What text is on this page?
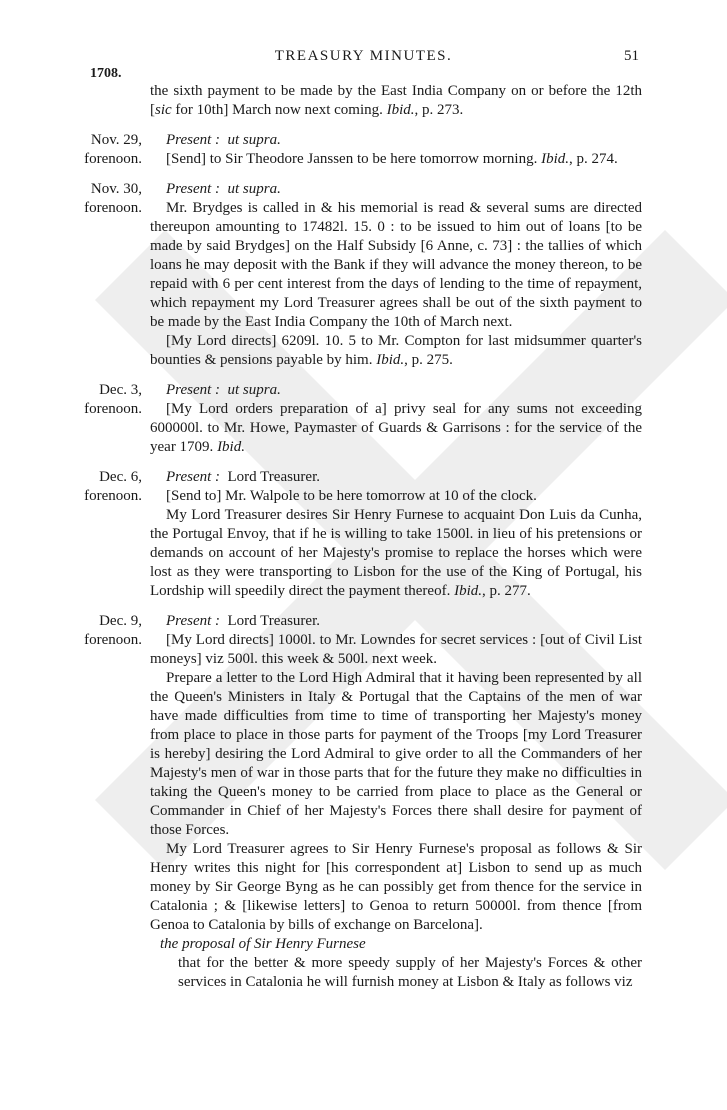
TREASURY MINUTES.	51
1708.

the sixth payment to be made by the East India Company on or before the 12th [sic for 10th] March now next coming. Ibid., p. 273.

Nov. 29,
forenoon.

Present : ut supra.

[Send] to Sir Theodore Janssen to be here tomorrow morning. Ibid., p. 274.

Nov. 30,
forenoon.

Present : ut supra.

Mr. Brydges is called in & his memorial is read & several sums are directed thereupon amounting to 17482l. 15. 0 : to be issued to him out of loans [to be made by said Brydges] on the Half Subsidy [6 Anne, c. 73] : the tallies of which loans he may deposit with the Bank if they will advance the money thereon, to be repaid with 6 per cent interest from the days of lending to the time of repayment, which repayment my Lord Treasurer agrees shall be out of the sixth payment to be made by the East India Company the 10th of March next.

[My Lord directs] 6209l. 10. 5 to Mr. Compton for last midsummer quarter's bounties & pensions payable by him. Ibid., p. 275.

Dec. 3,
forenoon.

Present : ut supra.

[My Lord orders preparation of a] privy seal for any sums not exceeding 600000l. to Mr. Howe, Paymaster of Guards & Garrisons : for the service of the year 1709. Ibid.

Dec. 6,
forenoon.

Present : Lord Treasurer.

[Send to] Mr. Walpole to be here tomorrow at 10 of the clock.

My Lord Treasurer desires Sir Henry Furnese to acquaint Don Luis da Cunha, the Portugal Envoy, that if he is willing to take 1500l. in lieu of his pretensions or demands on account of her Majesty's promise to replace the horses which were lost as they were transporting to Lisbon for the use of the King of Portugal, his Lordship will speedily direct the payment thereof. Ibid., p. 277.

Dec. 9,
forenoon.

Present : Lord Treasurer.

[My Lord directs] 1000l. to Mr. Lowndes for secret services : [out of Civil List moneys] viz 500l. this week & 500l. next week.

Prepare a letter to the Lord High Admiral that it having been represented by all the Queen's Ministers in Italy & Portugal that the Captains of the men of war have made difficulties from time to time of transporting her Majesty's money from place to place in those parts for payment of the Troops [my Lord Treasurer is hereby] desiring the Lord Admiral to give order to all the Commanders of her Majesty's men of war in those parts that for the future they make no difficulties in taking the Queen's money to be carried from place to place as the General or Commander in Chief of her Majesty's Forces there shall desire for payment of those Forces.

My Lord Treasurer agrees to Sir Henry Furnese's proposal as follows & Sir Henry writes this night for [his correspondent at] Lisbon to send up as much money by Sir George Byng as he can possibly get from thence for the service in Catalonia ; & [likewise letters] to Genoa to return 50000l. from thence [from Genoa to Catalonia by bills of exchange on Barcelona].

the proposal of Sir Henry Furnese

that for the better & more speedy supply of her Majesty's Forces & other services in Catalonia he will furnish money at Lisbon & Italy as follows viz
